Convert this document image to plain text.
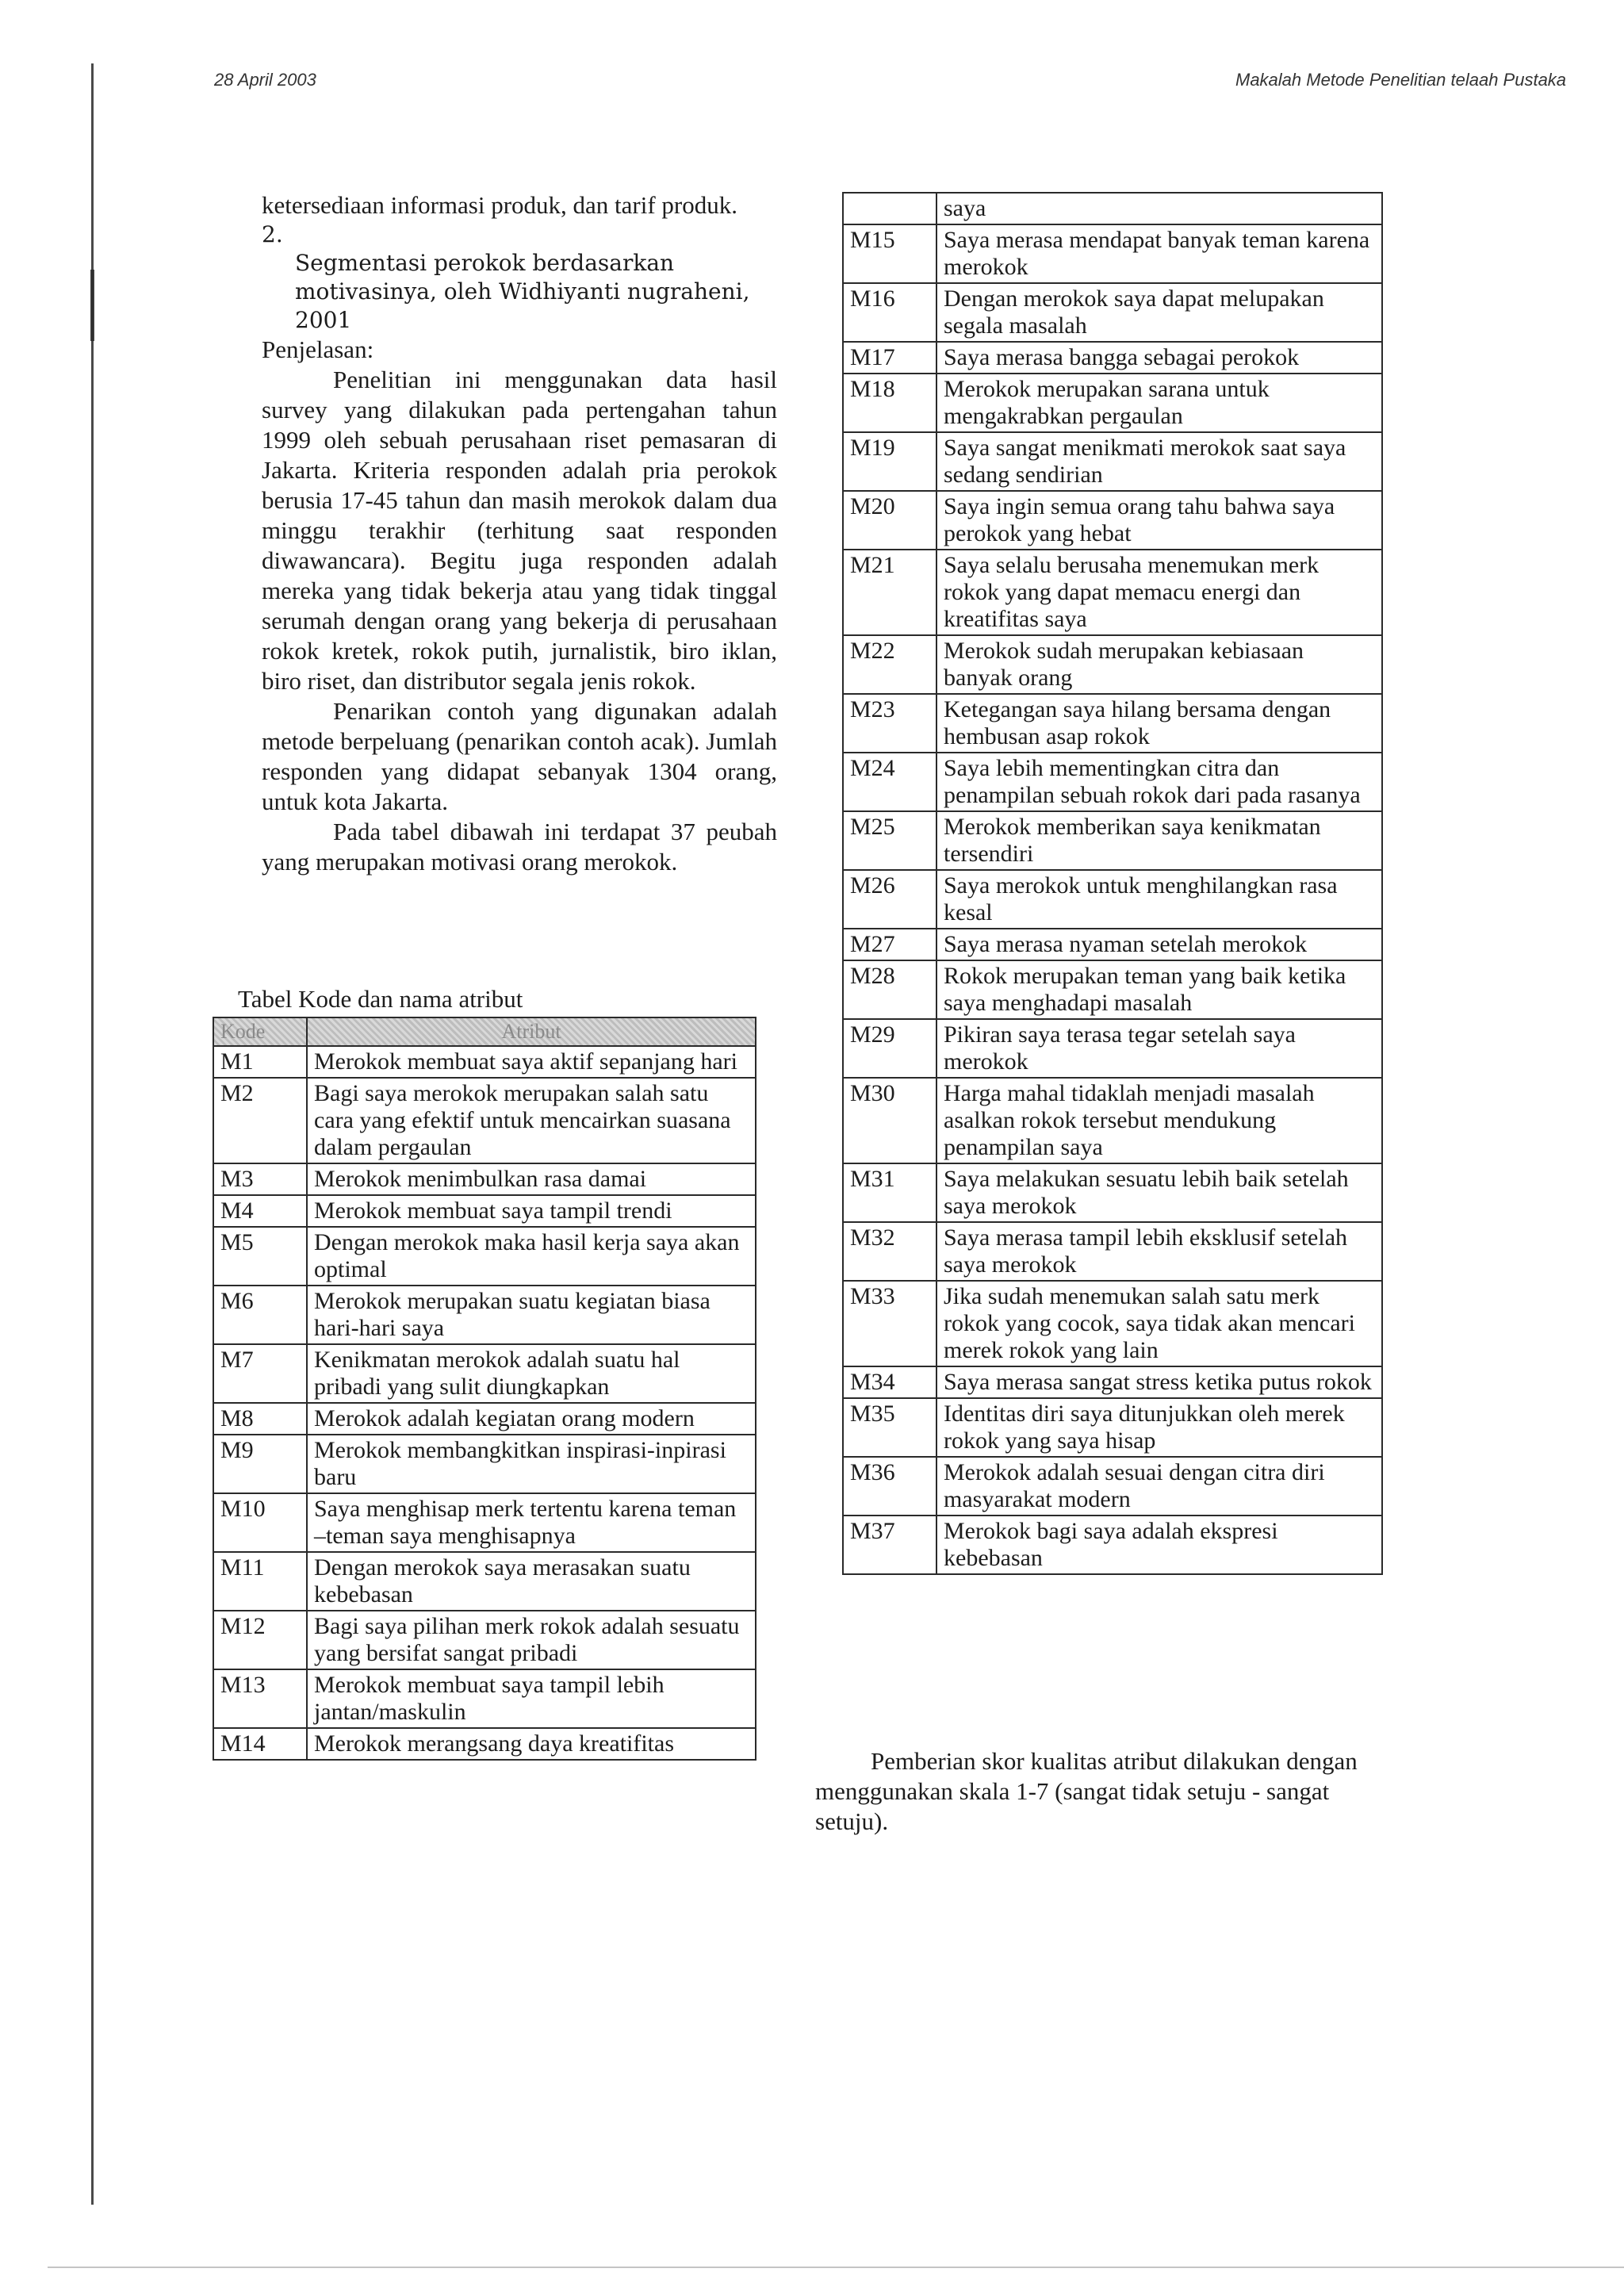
28 April 2003	Makalah Metode Penelitian telaah Pustaka

ketersediaan informasi produk, dan tarif produk.

2.
Segmentasi perokok berdasarkan motivasinya, oleh Widhiyanti nugraheni, 2001

Penjelasan:

Penelitian ini menggunakan data hasil survey yang dilakukan pada pertengahan tahun 1999 oleh sebuah perusahaan riset pemasaran di Jakarta. Kriteria responden adalah pria perokok berusia 17-45 tahun dan masih merokok dalam dua minggu terakhir (terhitung saat responden diwawancara). Begitu juga responden adalah mereka yang tidak bekerja atau yang tidak tinggal serumah dengan orang yang bekerja di perusahaan rokok kretek, rokok putih, jurnalistik, biro iklan, biro riset, dan distributor segala jenis rokok.

Penarikan contoh yang digunakan adalah metode berpeluang (penarikan contoh acak). Jumlah responden yang didapat sebanyak 1304 orang, untuk kota Jakarta.

Pada tabel dibawah ini terdapat 37 peubah yang merupakan motivasi orang merokok.

Tabel Kode dan nama atribut
Kode	Atribut
M1	Merokok membuat saya aktif sepanjang hari
M2	Bagi saya merokok merupakan salah satu cara yang efektif untuk mencairkan suasana dalam pergaulan
M3	Merokok menimbulkan rasa damai
M4	Merokok membuat saya tampil trendi
M5	Dengan merokok maka hasil kerja saya akan optimal
M6	Merokok merupakan suatu kegiatan biasa hari-hari saya
M7	Kenikmatan merokok adalah suatu hal pribadi yang sulit diungkapkan
M8	Merokok adalah kegiatan orang modern
M9	Merokok membangkitkan inspirasi-inpirasi baru
M10	Saya menghisap merk tertentu karena teman –teman saya menghisapnya
M11	Dengan merokok saya merasakan suatu kebebasan
M12	Bagi saya pilihan merk rokok adalah sesuatu yang bersifat sangat pribadi
M13	Merokok membuat saya tampil lebih jantan/maskulin
M14	Merokok merangsang daya kreatifitas
	saya
M15	Saya merasa mendapat banyak teman karena merokok
M16	Dengan merokok saya dapat melupakan segala masalah
M17	Saya merasa bangga sebagai perokok
M18	Merokok merupakan sarana untuk mengakrabkan pergaulan
M19	Saya sangat menikmati merokok saat saya sedang sendirian
M20	Saya ingin semua orang tahu bahwa saya perokok yang hebat
M21	Saya selalu berusaha menemukan merk rokok yang dapat memacu energi dan kreatifitas saya
M22	Merokok sudah merupakan kebiasaan banyak orang
M23	Ketegangan saya hilang bersama dengan hembusan asap rokok
M24	Saya lebih mementingkan citra dan penampilan sebuah rokok dari pada rasanya
M25	Merokok memberikan saya kenikmatan tersendiri
M26	Saya merokok untuk menghilangkan rasa kesal
M27	Saya merasa nyaman setelah merokok
M28	Rokok merupakan teman yang baik ketika saya menghadapi masalah
M29	Pikiran saya terasa tegar setelah saya merokok
M30	Harga mahal tidaklah menjadi masalah asalkan rokok tersebut mendukung penampilan saya
M31	Saya melakukan sesuatu lebih baik setelah saya merokok
M32	Saya merasa tampil lebih eksklusif setelah saya merokok
M33	Jika sudah menemukan salah satu merk rokok yang cocok, saya tidak akan mencari merek rokok yang lain
M34	Saya merasa sangat stress ketika putus rokok
M35	Identitas diri saya ditunjukkan oleh merek rokok yang saya hisap
M36	Merokok adalah sesuai dengan citra diri masyarakat modern
M37	Merokok bagi saya adalah ekspresi kebebasan

Pemberian skor kualitas atribut dilakukan dengan menggunakan skala 1-7 (sangat tidak setuju - sangat setuju).
